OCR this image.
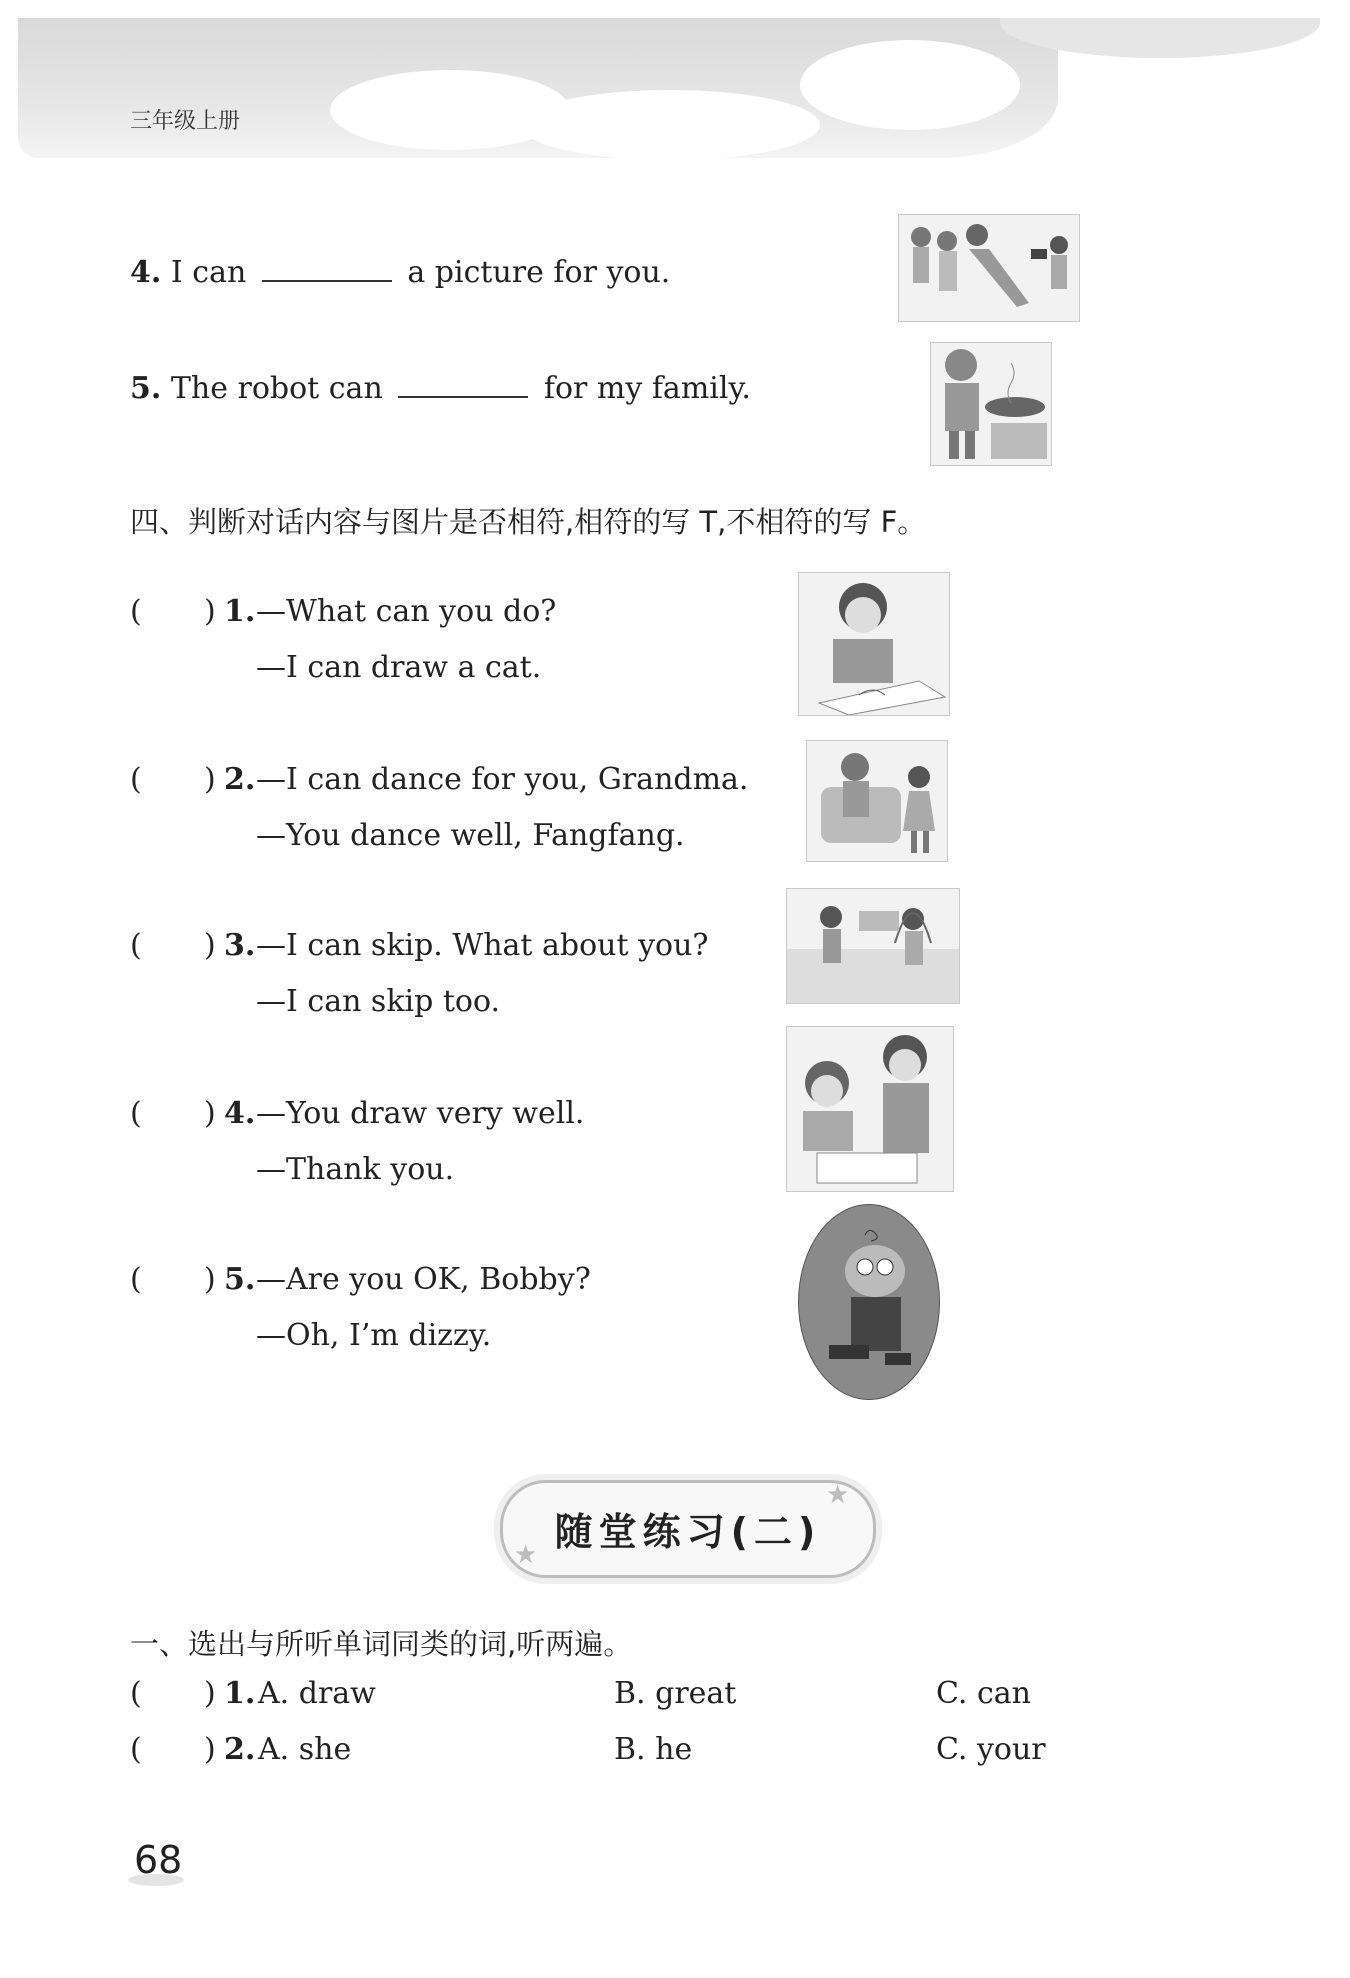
三年级上册
4. I can	a picture for you.
5. The robot can	for my family.
四、判断对话内容与图片是否相符,相符的写 T,不相符的写 F。
( ) 1. —What can you do?
—I can draw a cat.
( ) 2. —I can dance for you, Grandma.
—You dance well, Fangfang.
( ) 3. —I can skip. What about you?
—I can skip too.
( ) 4. —You draw very well.
—Thank you.
( ) 5. —Are you OK, Bobby?
—Oh, I’m dizzy.
随堂练习(二)
★
★
一、选出与所听单词同类的词,听两遍。
( ) 1. A. draw	B. great	C. can
( ) 2. A. she	B. he	C. your
68
